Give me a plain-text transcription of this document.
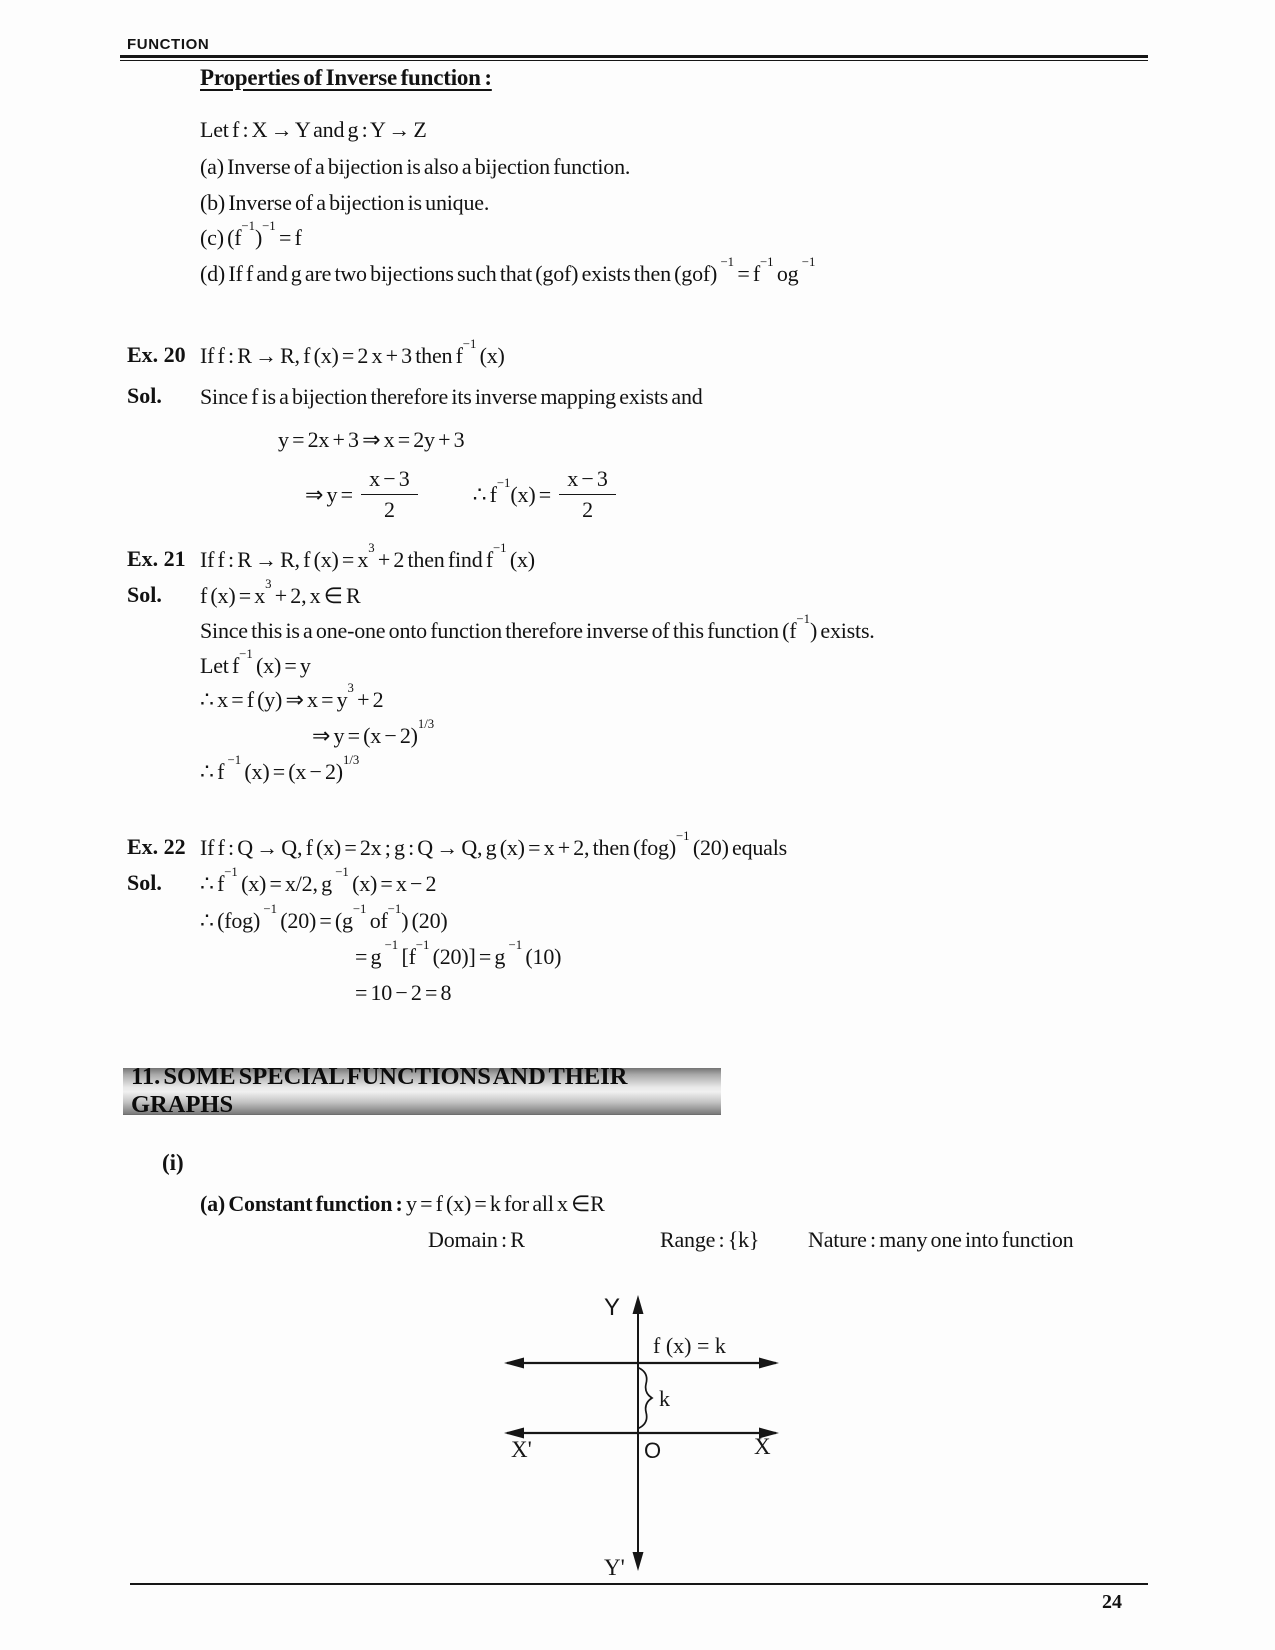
FUNCTION
Properties of Inverse function :
Let f : X → Y and g : Y → Z
(a) Inverse of a bijection is also a bijection function.
(b) Inverse of a bijection is unique.
(c) $(f^{-1})^{-1} = f$
(d) If f and g are two bijections such that (gof) exists then (gof) $^{-1} = f^{-1}$ og $^{-1}$
Ex. 20 If f : R → R, f (x) = 2 x + 3 then $f^{-1}$ (x)
Sol. Since f is a bijection therefore its inverse mapping exists and
y = 2x + 3 ⇒ x = 2y + 3
⇒ $y = \frac{x - 3}{2}$	∴ $f^{-1}(x) = \frac{x - 3}{2}$
Ex. 21 If f : R → R, f $(x) = x^3 + 2$ then find $f^{-1}$ (x)
Sol. f $(x) = x^3 + 2$, x ∈ R
Since this is a one-one onto function therefore inverse of this function $(f^{-1})$ exists.
Let $f^{-1}$ (x) = y
∴ x = f (y) ⇒ $x = y^3 + 2$
⇒ $y = (x - 2)^{1/3}$
∴ f $^{-1}$ $(x) = (x - 2)^{1/3}$
Ex. 22 If f : Q → Q, f (x) = 2x ; g : Q → Q, g (x) = x + 2, then (fog)$^{-1}$ (20) equals
Sol. ∴ $f^{-1}$ (x) = x/2, g $^{-1}$ (x) = x − 2
∴ (fog) $^{-1}$ $(20) = (g^{-1}$ $of^{-1}$) (20)
= g $^{-1}$ [$f^{-1}$ (20)] = g $^{-1}$ (10)
= 10 − 2 = 8
11. SOME SPECIAL FUNCTIONS AND THEIR GRAPHS
(i)
(a) Constant function : y = f (x) = k for all x ∈R
Domain : R	Range : {k} Nature : many one into function
Y
Y'
X'	X
O
f (x) = k
k
24
